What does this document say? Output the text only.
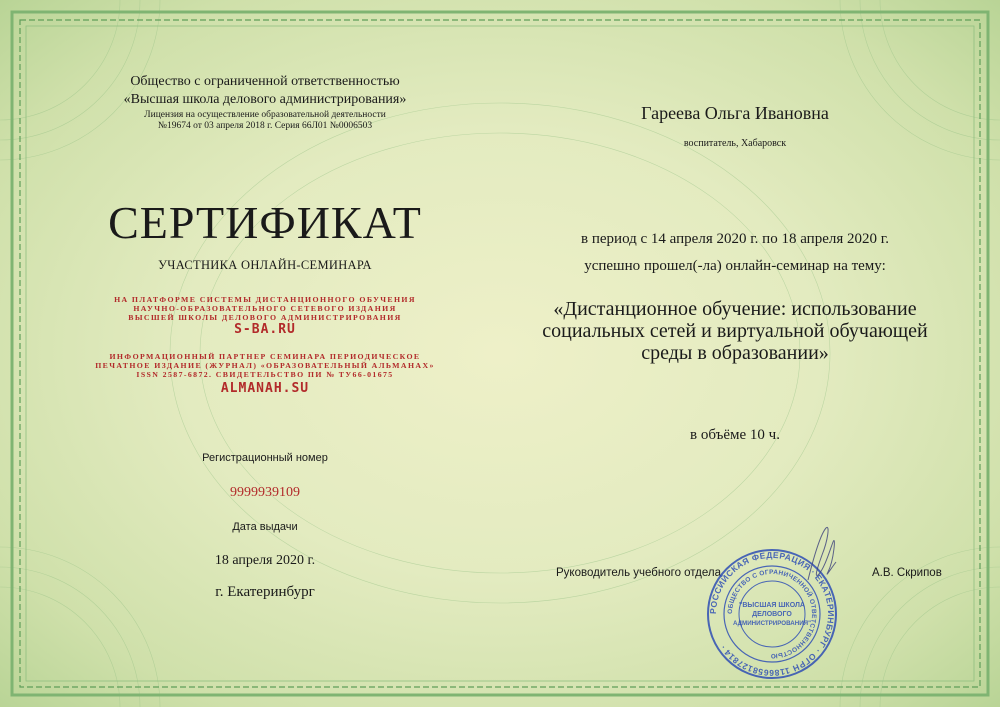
Общество с ограниченной ответственностью
«Высшая школа делового администрирования»
Лицензия на осуществление образовательной деятельности
№19674 от 03 апреля 2018 г. Серия 66Л01 №0006503
СЕРТИФИКАТ
УЧАСТНИКА ОНЛАЙН-СЕМИНАРА
НА ПЛАТФОРМЕ СИСТЕМЫ ДИСТАНЦИОННОГО ОБУЧЕНИЯ
НАУЧНО-ОБРАЗОВАТЕЛЬНОГО СЕТЕВОГО ИЗДАНИЯ
ВЫСШЕЙ ШКОЛЫ ДЕЛОВОГО АДМИНИСТРИРОВАНИЯ
S-BA.RU
ИНФОРМАЦИОННЫЙ ПАРТНЕР СЕМИНАРА ПЕРИОДИЧЕСКОЕ
ПЕЧАТНОЕ ИЗДАНИЕ (ЖУРНАЛ) «ОБРАЗОВАТЕЛЬНЫЙ АЛЬМАНАХ»
ISSN 2587-6872. СВИДЕТЕЛЬСТВО ПИ № ТУ66-01675
ALMANAH.SU
Регистрационный номер
9999939109
Дата выдачи
18 апреля 2020 г.
г. Екатеринбург
Гареева Ольга Ивановна
воспитатель, Хабаровск
в период с 14 апреля 2020 г. по 18 апреля 2020 г.
успешно прошел(-ла) онлайн-семинар на тему:
«Дистанционное обучение: использование социальных сетей и виртуальной обучающей среды в образовании»
в объёме 10 ч.
Руководитель учебного отдела	А.В. Скрипов
РОССИЙСКАЯ ФЕДЕРАЦИЯ · ЕКАТЕРИНБУРГ · ОГРН 1186658127814 ·
ОБЩЕСТВО С ОГРАНИЧЕННОЙ ОТВЕТСТВЕННОСТЬЮ
"ВЫСШАЯ ШКОЛА
ДЕЛОВОГО
АДМИНИСТРИРОВАНИЯ"
